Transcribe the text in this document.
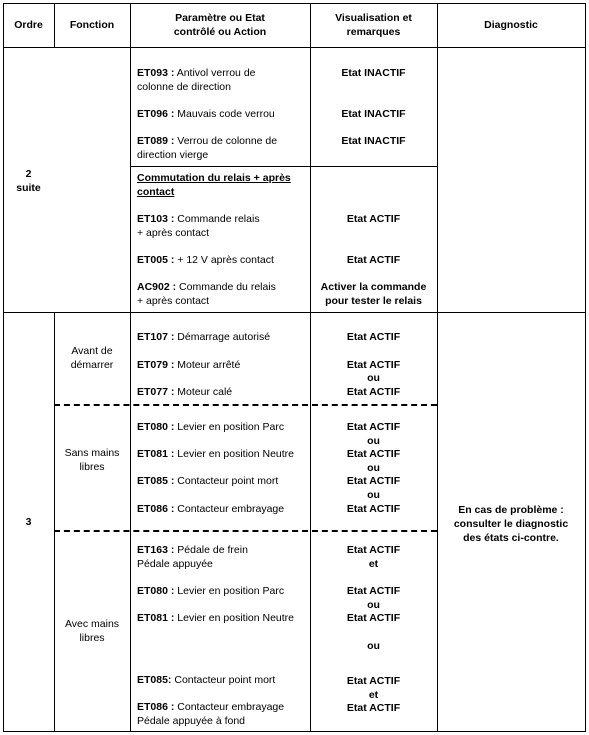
Ordre	Fonction
Paramètre ou Etat
contrôlé ou Action
Visualisation et
remarques
Diagnostic
2
suite
ET093 : Antivol verrou de
colonne de direction
ET096 : Mauvais code verrou
ET089 : Verrou de colonne de
direction vierge
Etat INACTIF
Etat INACTIF
Etat INACTIF
Commutation du relais + après
contact
ET103 : Commande relais
+ après contact
ET005 : + 12 V après contact
AC902 : Commande du relais
+ après contact
Etat ACTIF
Etat ACTIF
Activer la commande
pour tester le relais
3
En cas de problème :
consulter le diagnostic
des états ci-contre.
Avant de
démarrer
ET107 : Démarrage autorisé
ET079 : Moteur arrêté
ET077 : Moteur calé
Etat ACTIF
Etat ACTIF
ou
Etat ACTIF
Sans mains
libres
ET080 : Levier en position Parc
ET081 : Levier en position Neutre
ET085 : Contacteur point mort
ET086 : Contacteur embrayage
Etat ACTIF
ou
Etat ACTIF
ou
Etat ACTIF
ou
Etat ACTIF
Avec mains
libres
ET163 : Pédale de frein
Pédale appuyée
ET080 : Levier en position Parc
ET081 : Levier en position Neutre
ET085: Contacteur point mort
ET086 : Contacteur embrayage
Pédale appuyée à fond
Etat ACTIF
et
Etat ACTIF
ou
Etat ACTIF
ou
Etat ACTIF
et
Etat ACTIF
